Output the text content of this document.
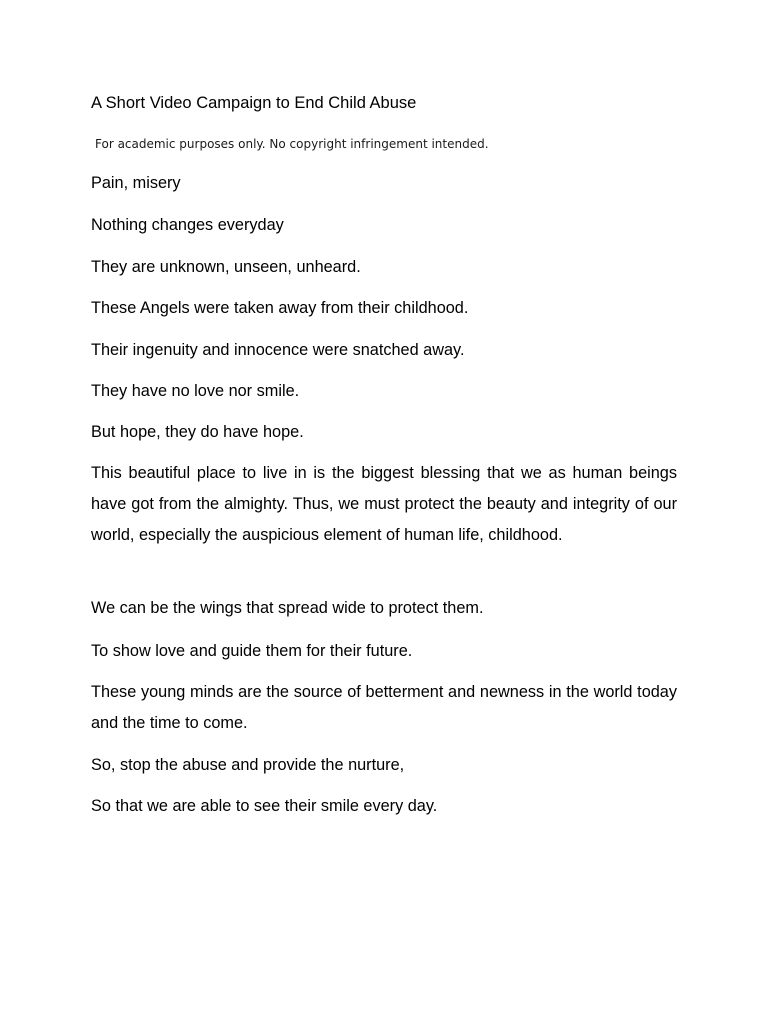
A Short Video Campaign to End Child Abuse
For academic purposes only. No copyright infringement intended.
Pain, misery
Nothing changes everyday
They are unknown, unseen, unheard.
These Angels were taken away from their childhood.
Their ingenuity and innocence were snatched away.
They have no love nor smile.
But hope, they do have hope.
This beautiful place to live in is the biggest blessing that we as human beings have got from the almighty. Thus, we must protect the beauty and integrity of our world, especially the auspicious element of human life, childhood.
We can be the wings that spread wide to protect them.
To show love and guide them for their future.
These young minds are the source of betterment and newness in the world today and the time to come.
So, stop the abuse and provide the nurture,
So that we are able to see their smile every day.
